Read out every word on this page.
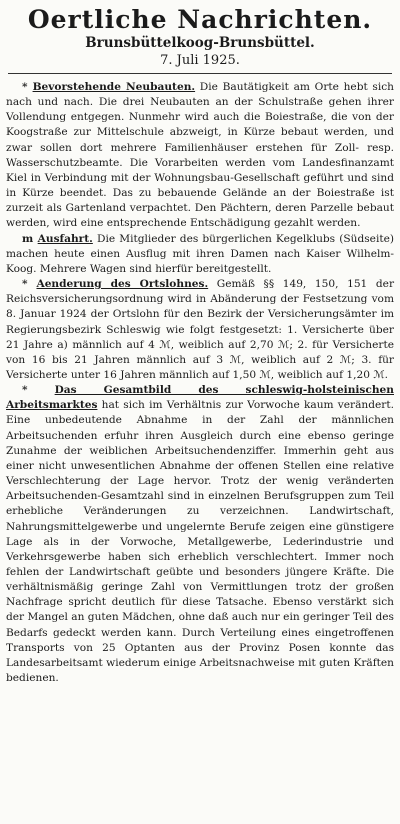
Oertliche Nachrichten.
Brunsbüttelkoog-Brunsbüttel.
7. Juli 1925.

* Bevorstehende Neubauten. Die Bautätigkeit am Orte hebt sich nach und nach. Die drei Neubauten an der Schulstraße gehen ihrer Vollendung entgegen. Nunmehr wird auch die Boiestraße, die von der Koogstraße zur Mittelschule abzweigt, in Kürze bebaut werden, und zwar sollen dort mehrere Familienhäuser erstehen für Zoll- resp. Wasserschutzbeamte. Die Vorarbeiten werden vom Landesfinanzamt Kiel in Verbindung mit der Wohnungsbau-Gesellschaft geführt und sind in Kürze beendet. Das zu bebauende Gelände an der Boiestraße ist zurzeit als Gartenland verpachtet. Den Pächtern, deren Parzelle bebaut werden, wird eine entsprechende Entschädigung gezahlt werden.

m Ausfahrt. Die Mitglieder des bürgerlichen Kegelklubs (Südseite) machen heute einen Ausflug mit ihren Damen nach Kaiser Wilhelm-Koog. Mehrere Wagen sind hierfür bereitgestellt.

* Aenderung des Ortslohnes. Gemäß §§ 149, 150, 151 der Reichsversicherungsordnung wird in Abänderung der Festsetzung vom 8. Januar 1924 der Ortslohn für den Bezirk der Versicherungsämter im Regierungsbezirk Schleswig wie folgt festgesetzt: 1. Versicherte über 21 Jahre a) männlich auf 4 ℳ, weiblich auf 2,70 ℳ; 2. für Versicherte von 16 bis 21 Jahren männlich auf 3 ℳ, weiblich auf 2 ℳ; 3. für Versicherte unter 16 Jahren männlich auf 1,50 ℳ, weiblich auf 1,20 ℳ.

* Das Gesamtbild des schleswig-holsteinischen Arbeitsmarktes hat sich im Verhältnis zur Vorwoche kaum verändert. Eine unbedeutende Abnahme in der Zahl der männlichen Arbeitsuchenden erfuhr ihren Ausgleich durch eine ebenso geringe Zunahme der weiblichen Arbeitsuchendenziffer. Immerhin geht aus einer nicht unwesentlichen Abnahme der offenen Stellen eine relative Verschlechterung der Lage hervor. Trotz der wenig veränderten Arbeitsuchenden-Gesamtzahl sind in einzelnen Berufsgruppen zum Teil erhebliche Veränderungen zu verzeichnen. Landwirtschaft, Nahrungsmittelgewerbe und ungelernte Berufe zeigen eine günstigere Lage als in der Vorwoche, Metallgewerbe, Lederindustrie und Verkehrsgewerbe haben sich erheblich verschlechtert. Immer noch fehlen der Landwirtschaft geübte und besonders jüngere Kräfte. Die verhältnismäßig geringe Zahl von Vermittlungen trotz der großen Nachfrage spricht deutlich für diese Tatsache. Ebenso verstärkt sich der Mangel an guten Mädchen, ohne daß auch nur ein geringer Teil des Bedarfs gedeckt werden kann. Durch Verteilung eines eingetroffenen Transports von 25 Optanten aus der Provinz Posen konnte das Landesarbeitsamt wiederum einige Arbeitsnachweise mit guten Kräften bedienen.
